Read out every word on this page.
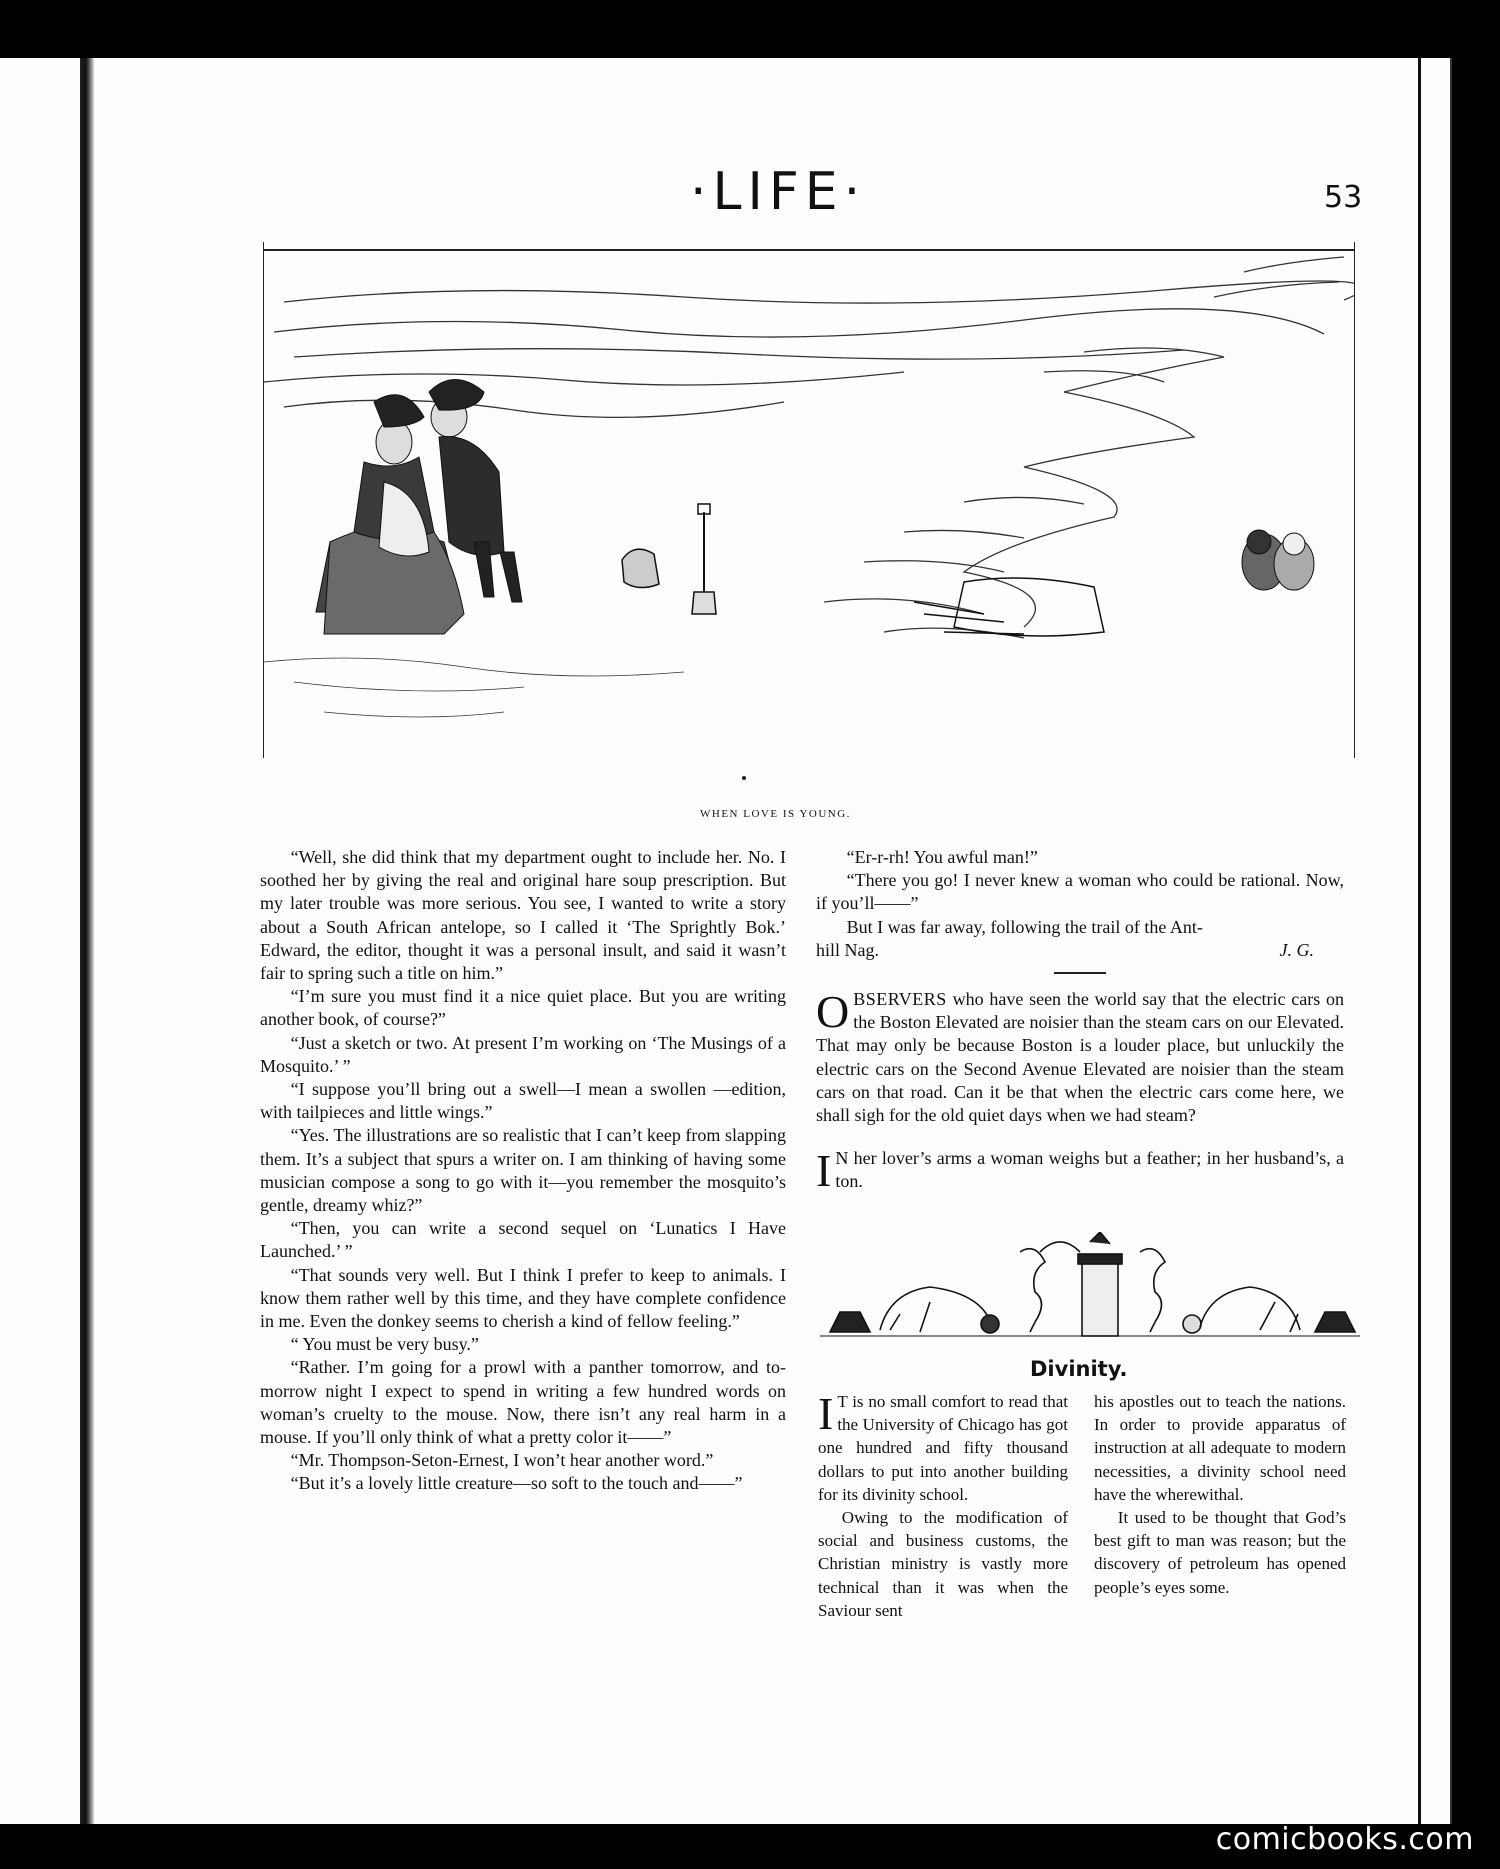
·LIFE·	53
WHEN LOVE IS YOUNG.

“Well, she did think that my department ought to include her. No. I soothed her by giving the real and original hare soup prescription. But my later trouble was more serious. You see, I wanted to write a story about a South African antelope, so I called it ‘The Sprightly Bok.’ Edward, the editor, thought it was a personal insult, and said it wasn’t fair to spring such a title on him.”

“I’m sure you must find it a nice quiet place. But you are writing another book, of course?”

“Just a sketch or two. At present I’m working on ‘The Musings of a Mosquito.’ ”

“I suppose you’ll bring out a swell—I mean a swollen —edition, with tailpieces and little wings.”

“Yes. The illustrations are so realistic that I can’t keep from slapping them. It’s a subject that spurs a writer on. I am thinking of having some musician compose a song to go with it—you remember the mosquito’s gentle, dreamy whiz?”

“Then, you can write a second sequel on ‘Lunatics I Have Launched.’ ”

“That sounds very well. But I think I prefer to keep to animals. I know them rather well by this time, and they have complete confidence in me. Even the donkey seems to cherish a kind of fellow feeling.”

“ You must be very busy.”

“Rather. I’m going for a prowl with a panther tomorrow, and to-morrow night I expect to spend in writing a few hundred words on woman’s cruelty to the mouse. Now, there isn’t any real harm in a mouse. If you’ll only think of what a pretty color it——”

“Mr. Thompson-Seton-Ernest, I won’t hear another word.”

“But it’s a lovely little creature—so soft to the touch and——”

“Er-r-rh! You awful man!”

“There you go! I never knew a woman who could be rational. Now, if you’ll——”

But I was far away, following the trail of the Ant-

hill Nag.	J. G.
OBSERVERS who have seen the world say that the electric cars on the Boston Elevated are noisier than the steam cars on our Elevated. That may only be because Boston is a louder place, but unluckily the electric cars on the Second Avenue Elevated are noisier than the steam cars on that road. Can it be that when the electric cars come here, we shall sigh for the old quiet days when we had steam?
I N her lover’s arms a woman weighs but a feather; in her husband’s, a ton.
Divinity.

I T is no small comfort to read that the University of Chicago has got one hundred and fifty thousand dollars to put into another building for its divinity school.

Owing to the modification of social and business customs, the Christian ministry is vastly more technical than it was when the Saviour sent

his apostles out to teach the nations. In order to provide apparatus of instruction at all adequate to modern necessities, a divinity school need have the wherewithal.

It used to be thought that God’s best gift to man was reason; but the discovery of petroleum has opened people’s eyes some.

comicbooks.com
